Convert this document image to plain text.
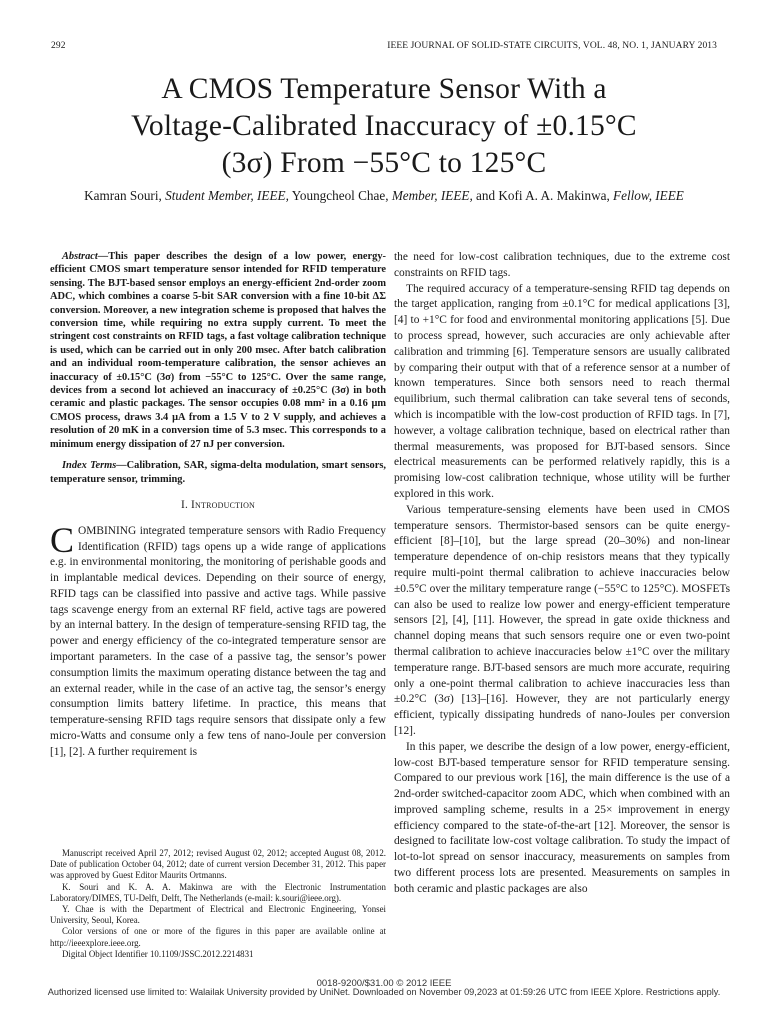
292	IEEE JOURNAL OF SOLID-STATE CIRCUITS, VOL. 48, NO. 1, JANUARY 2013
A CMOS Temperature Sensor With a
Voltage-Calibrated Inaccuracy of ±0.15°C
(3σ) From −55°C to 125°C
Kamran Souri, Student Member, IEEE, Youngcheol Chae, Member, IEEE, and Kofi A. A. Makinwa, Fellow, IEEE

Abstract—This paper describes the design of a low power, energy-efficient CMOS smart temperature sensor intended for RFID temperature sensing. The BJT-based sensor employs an energy-efficient 2nd-order zoom ADC, which combines a coarse 5-bit SAR conversion with a fine 10-bit ΔΣ conversion. Moreover, a new integration scheme is proposed that halves the conversion time, while requiring no extra supply current. To meet the stringent cost constraints on RFID tags, a fast voltage calibration technique is used, which can be carried out in only 200 msec. After batch calibration and an individual room-temperature calibration, the sensor achieves an inaccuracy of ±0.15°C (3σ) from −55°C to 125°C. Over the same range, devices from a second lot achieved an inaccuracy of ±0.25°C (3σ) in both ceramic and plastic packages. The sensor occupies 0.08 mm² in a 0.16 μm CMOS process, draws 3.4 μA from a 1.5 V to 2 V supply, and achieves a resolution of 20 mK in a conversion time of 5.3 msec. This corresponds to a minimum energy dissipation of 27 nJ per conversion.

Index Terms—Calibration, SAR, sigma-delta modulation, smart sensors, temperature sensor, trimming.

I. Introduction

COMBINING integrated temperature sensors with Radio Frequency Identification (RFID) tags opens up a wide range of applications e.g. in environmental monitoring, the monitoring of perishable goods and in implantable medical devices. Depending on their source of energy, RFID tags can be classified into passive and active tags. While passive tags scavenge energy from an external RF field, active tags are powered by an internal battery. In the design of temperature-sensing RFID tag, the power and energy efficiency of the co-integrated temperature sensor are important parameters. In the case of a passive tag, the sensor’s power consumption limits the maximum operating distance between the tag and an external reader, while in the case of an active tag, the sensor’s energy consumption limits battery lifetime. In practice, this means that temperature-sensing RFID tags require sensors that dissipate only a few micro-Watts and consume only a few tens of nano-Joule per conversion [1], [2]. A further requirement is

Manuscript received April 27, 2012; revised August 02, 2012; accepted August 08, 2012. Date of publication October 04, 2012; date of current version December 31, 2012. This paper was approved by Guest Editor Maurits Ortmanns.

K. Souri and K. A. A. Makinwa are with the Electronic Instrumentation Laboratory/DIMES, TU-Delft, Delft, The Netherlands (e-mail: k.souri@ieee.org).

Y. Chae is with the Department of Electrical and Electronic Engineering, Yonsei University, Seoul, Korea.

Color versions of one or more of the figures in this paper are available online at http://ieeexplore.ieee.org.

Digital Object Identifier 10.1109/JSSC.2012.2214831

the need for low-cost calibration techniques, due to the extreme cost constraints on RFID tags.

The required accuracy of a temperature-sensing RFID tag depends on the target application, ranging from ±0.1°C for medical applications [3], [4] to +1°C for food and environmental monitoring applications [5]. Due to process spread, however, such accuracies are only achievable after calibration and trimming [6]. Temperature sensors are usually calibrated by comparing their output with that of a reference sensor at a number of known temperatures. Since both sensors need to reach thermal equilibrium, such thermal calibration can take several tens of seconds, which is incompatible with the low-cost production of RFID tags. In [7], however, a voltage calibration technique, based on electrical rather than thermal measurements, was proposed for BJT-based sensors. Since electrical measurements can be performed relatively rapidly, this is a promising low-cost calibration technique, whose utility will be further explored in this work.

Various temperature-sensing elements have been used in CMOS temperature sensors. Thermistor-based sensors can be quite energy-efficient [8]–[10], but the large spread (20–30%) and non-linear temperature dependence of on-chip resistors means that they typically require multi-point thermal calibration to achieve inaccuracies below ±0.5°C over the military temperature range (−55°C to 125°C). MOSFETs can also be used to realize low power and energy-efficient temperature sensors [2], [4], [11]. However, the spread in gate oxide thickness and channel doping means that such sensors require one or even two-point thermal calibration to achieve inaccuracies below ±1°C over the military temperature range. BJT-based sensors are much more accurate, requiring only a one-point thermal calibration to achieve inaccuracies less than ±0.2°C (3σ) [13]–[16]. However, they are not particularly energy efficient, typically dissipating hundreds of nano-Joules per conversion [12].

In this paper, we describe the design of a low power, energy-efficient, low-cost BJT-based temperature sensor for RFID temperature sensing. Compared to our previous work [16], the main difference is the use of a 2nd-order switched-capacitor zoom ADC, which when combined with an improved sampling scheme, results in a 25× improvement in energy efficiency compared to the state-of-the-art [12]. Moreover, the sensor is designed to facilitate low-cost voltage calibration. To study the impact of lot-to-lot spread on sensor inaccuracy, measurements on samples from two different process lots are presented. Measurements on samples in both ceramic and plastic packages are also

0018-9200/$31.00 © 2012 IEEE
Authorized licensed use limited to: Walailak University provided by UniNet. Downloaded on November 09,2023 at 01:59:26 UTC from IEEE Xplore. Restrictions apply.
